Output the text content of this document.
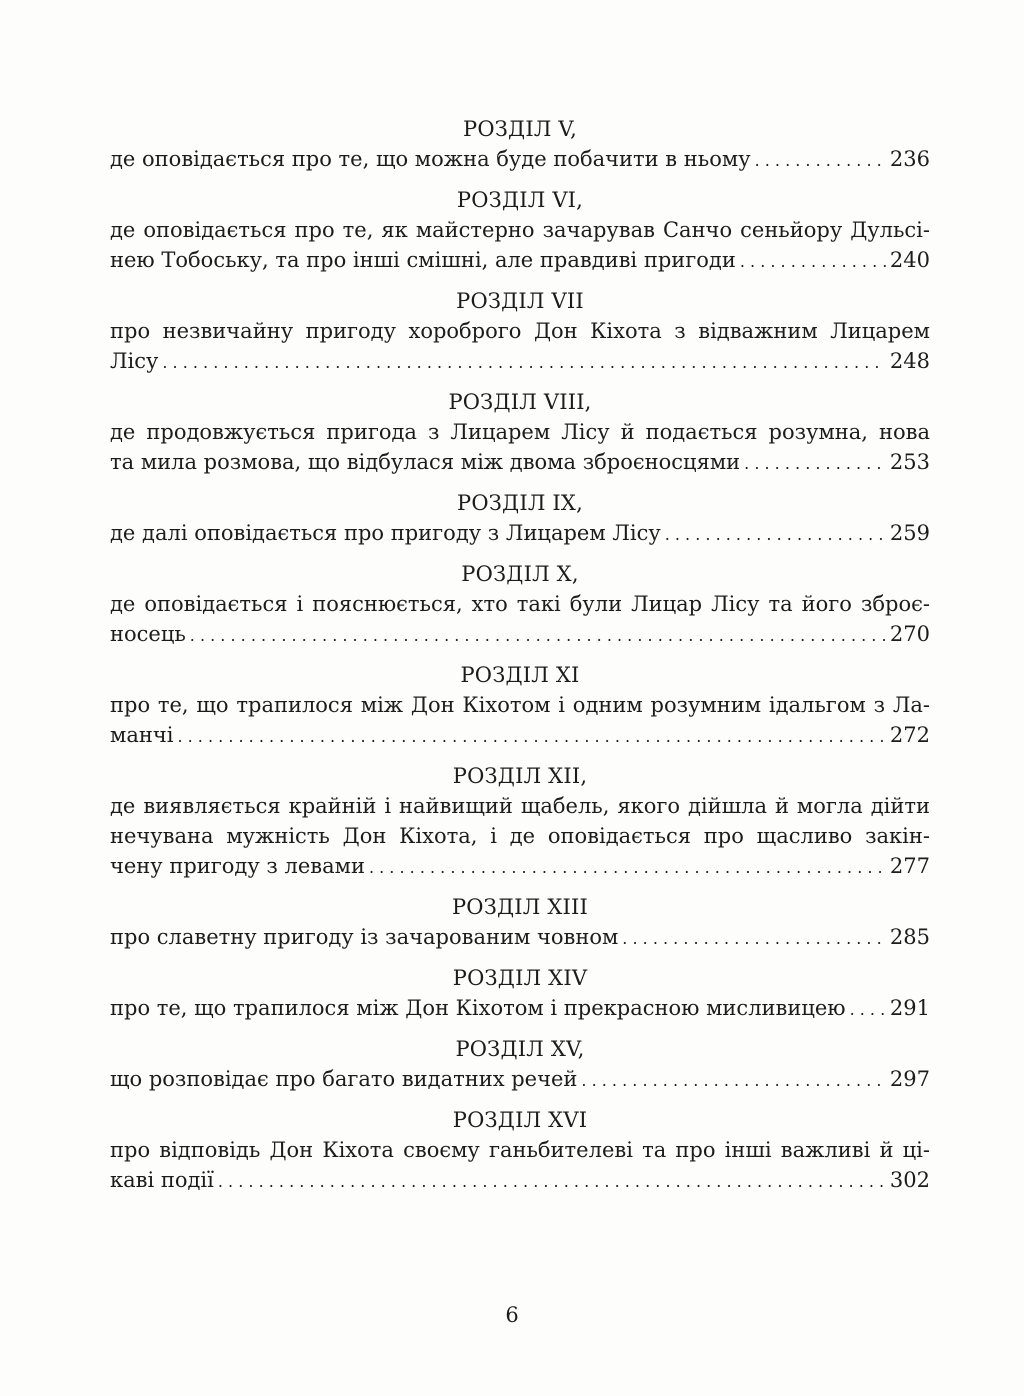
РОЗДІЛ V,
де оповідається про те, що можна буде побачити в ньому . . .	236
РОЗДІЛ VI,
де оповідається про те, як майстерно зачарував Санчо сеньйору Дульсі-
нею Тобоську, та про інші смішні, але правдиві пригоди . . .	240
РОЗДІЛ VII
про незвичайну пригоду хороброго Дон Кіхота з відважним Лицарем
Лісу . . .	248
РОЗДІЛ VIII,
де продовжується пригода з Лицарем Лісу й подається розумна, нова
та мила розмова, що відбулася між двома зброєносцями . . .	253
РОЗДІЛ IX,
де далі оповідається про пригоду з Лицарем Лісу . . .	259
РОЗДІЛ X,
де оповідається і пояснюється, хто такі були Лицар Лісу та його зброє-
носець . . .	270
РОЗДІЛ XI
про те, що трапилося між Дон Кіхотом і одним розумним ідальгом з Ла-
манчі . . .	272
РОЗДІЛ XII,
де виявляється крайній і найвищий щабель, якого дійшла й могла дійти
нечувана мужність Дон Кіхота, і де оповідається про щасливо закін-
чену пригоду з левами . . .	277
РОЗДІЛ XIII
про славетну пригоду із зачарованим човном . . .	285
РОЗДІЛ XIV
про те, що трапилося між Дон Кіхотом і прекрасною мисливицею . . . 291
РОЗДІЛ XV,
що розповідає про багато видатних речей . . .	297
РОЗДІЛ XVI
про відповідь Дон Кіхота своєму ганьбителеві та про інші важливі й ці-
каві події . . .	302
6
